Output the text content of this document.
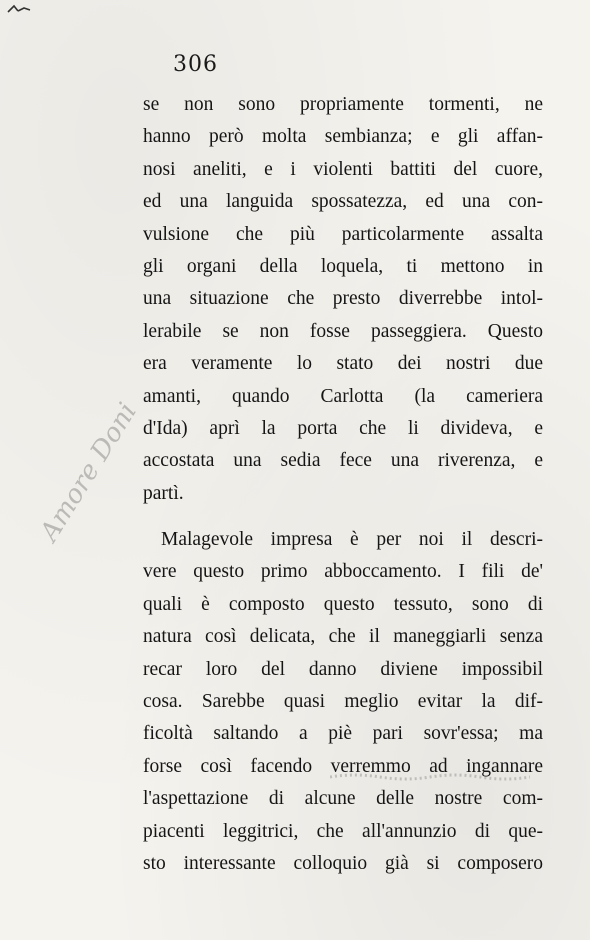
306
se non sono propriamente tormenti, ne
hanno però molta sembianza; e gli affan-
nosi aneliti, e i violenti battiti del cuore,
ed una languida spossatezza, ed una con-
vulsione che più particolarmente assalta
gli organi della loquela, ti mettono in
una situazione che presto diverrebbe intol-
lerabile se non fosse passeggiera. Questo
era veramente lo stato dei nostri due
amanti, quando Carlotta (la cameriera
d'Ida) aprì la porta che li divideva, e
accostata una sedia fece una riverenza, e
partì.
Malagevole impresa è per noi il descri-
vere questo primo abboccamento. I fili de'
quali è composto questo tessuto, sono di
natura così delicata, che il maneggiarli senza
recar loro del danno diviene impossibil
cosa. Sarebbe quasi meglio evitar la dif-
ficoltà saltando a piè pari sovr'essa; ma
forse così facendo verremmo ad ingannare
l'aspettazione di alcune delle nostre com-
piacenti leggitrici, che all'annunzio di que-
sto interessante colloquio già si composero
Amore Doni
